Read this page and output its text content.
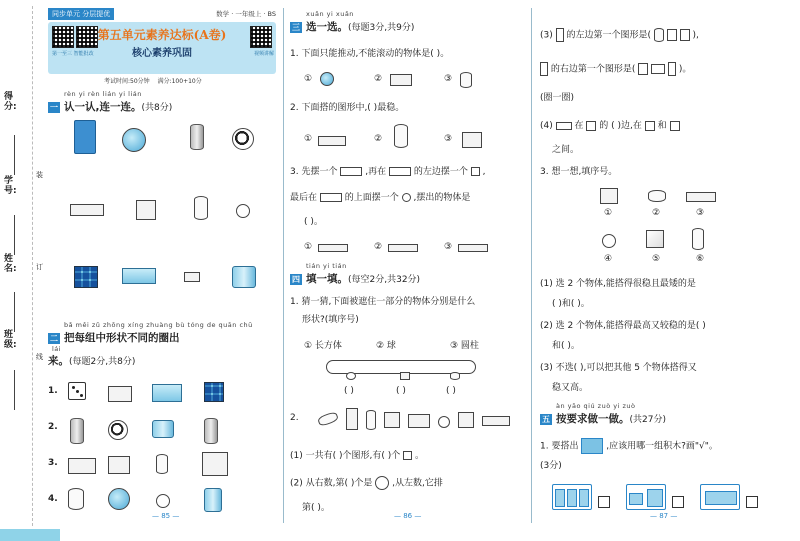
得分:
学号:
姓名:
班级:
装
订
线
同步单元 分层提优	数学 · 一年级上 · BS
第一至三 智能批改	视频讲解
第五单元素养达标(A卷)
核心素养巩固
考试时间:50分钟 满分:100+10分
rèn yi rèn lián yi lián
一 认一认,连一连。(共8分)
bǎ měi zǔ zhōng xíng zhuàng bù tóng de quān chū
二 把每组中形状不同的圈出
lái
来。(每题2分,共8分)
1.
2.
3.
4.
— 85 —
xuǎn yi xuǎn
三 选一选。(每题3分,共9分)
1. 下面只能推动,不能滚动的物体是( )。
①	②	③
2. 下面搭的图形中,( )最稳。
①	②	③
3. 先摆一个	,再在	的左边摆一个 ,
最后在	的上面摆一个 ,摆出的物体是
( )。
①	②	③
tián yi tián
四 填一填。(每空2分,共32分)
1. 猜一猜,下面被遮住一部分的物体分别是什么
形状?(填序号)
① 长方体	② 球	③ 圆柱
( )	( )	( )
2.
(1) 一共有( )个图形,有( )个 。
(2) 从右数,第( )个是 ,从左数,它排
第( )。
— 86 —
(3) 的左边第一个图形是(	),
的右边第一个图形是(	)。
(圈一圈)
(4) 在 的 ( )边,在 和
之间。
3. 想一想,填序号。
①	②	③
④	⑤	⑥
(1) 选 2 个物体,能搭得很稳且最矮的是
( )和( )。
(2) 选 2 个物体,能搭得最高又较稳的是( )
和( )。
(3) 不选( ),可以把其他 5 个物体搭得又
稳又高。
àn yāo qiú zuò yi zuò
五 按要求做一做。(共27分)
1. 要搭出	,应该用哪一组积木?画"√"。
(3分)
— 87 —
